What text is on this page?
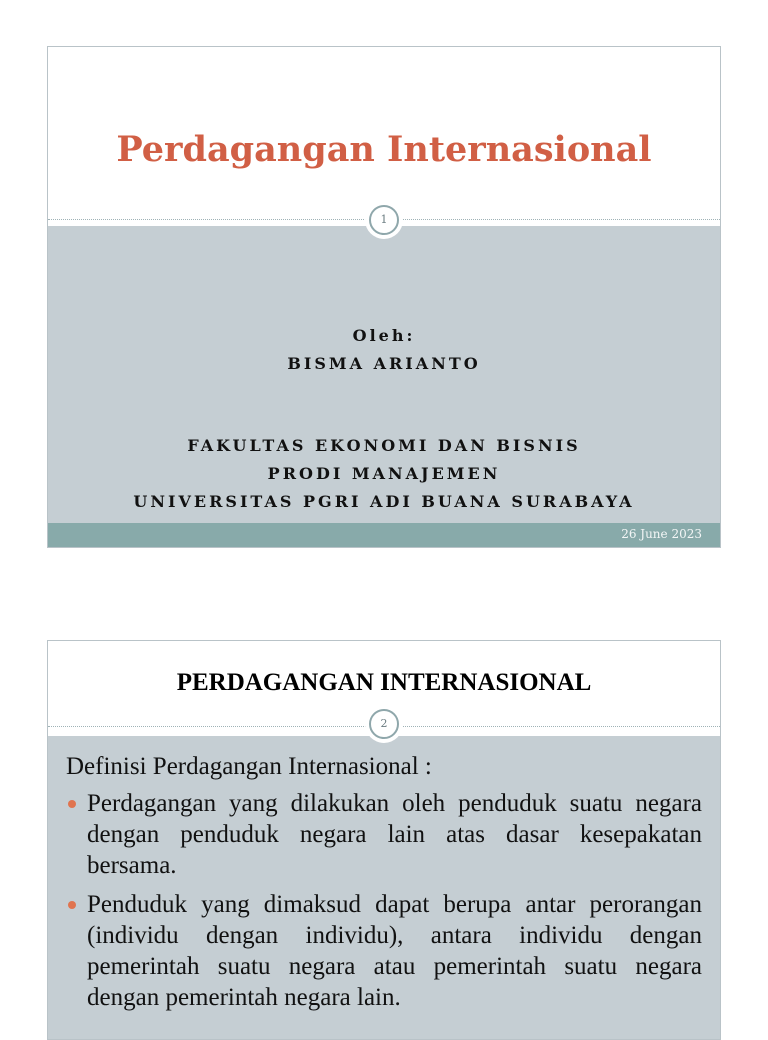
Perdagangan Internasional
Oleh:
BISMA ARIANTO
FAKULTAS EKONOMI DAN BISNIS
PRODI MANAJEMEN
UNIVERSITAS PGRI ADI BUANA SURABAYA
1
26 June 2023
PERDAGANGAN INTERNASIONAL
2
Definisi Perdagangan Internasional :
Perdagangan yang dilakukan oleh penduduk suatu negara dengan penduduk negara lain atas dasar kesepakatan bersama.
Penduduk yang dimaksud dapat berupa antar perorangan (individu dengan individu), antara individu dengan pemerintah suatu negara atau pemerintah suatu negara dengan pemerintah negara lain.
